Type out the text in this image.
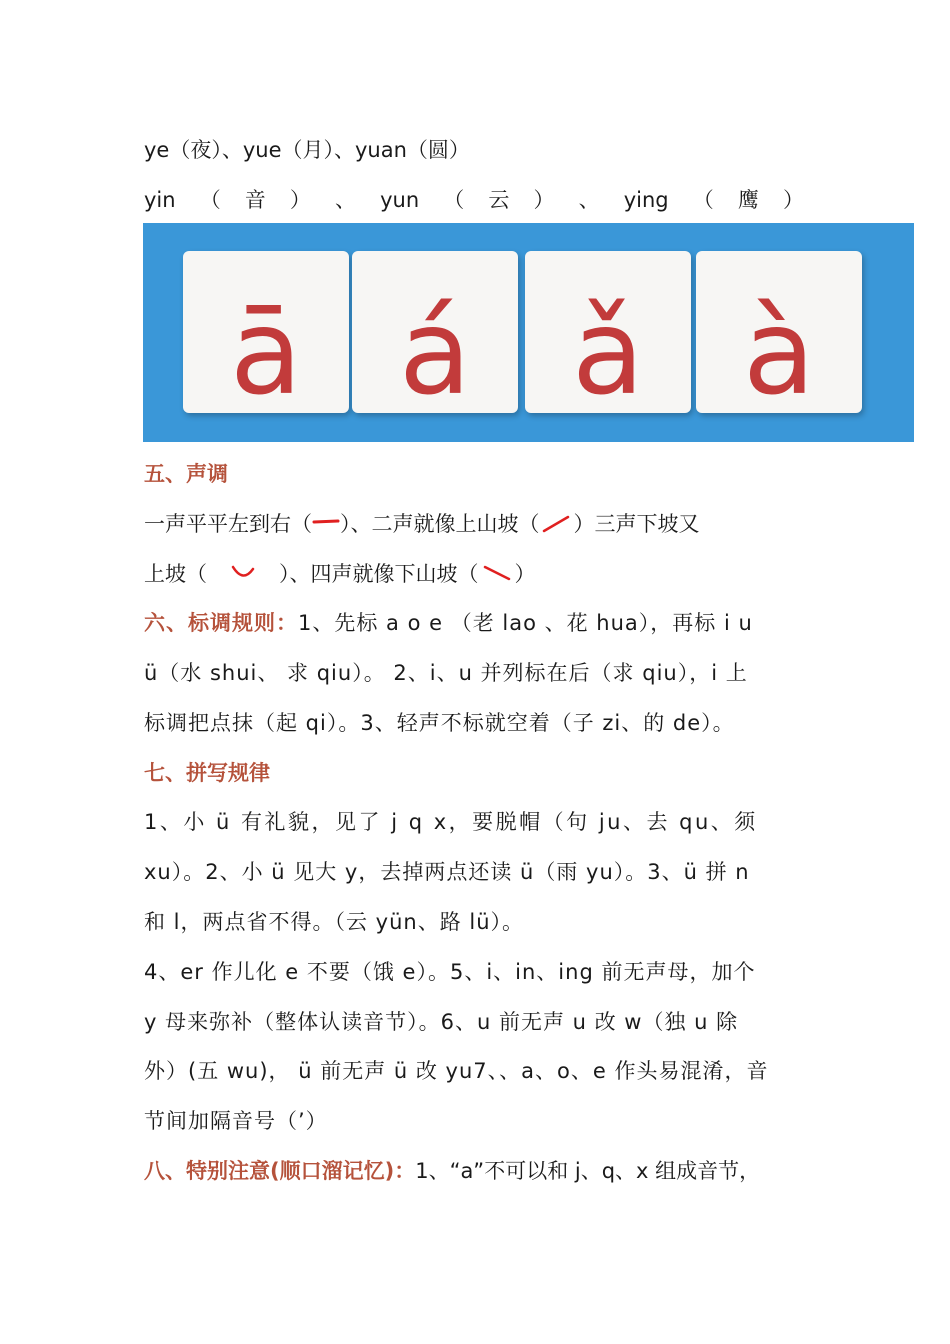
ye（夜）、yue（月）、yuan（圆）
yin （ 音 ） 、 yun （ 云 ） 、 ying （ 鹰 ）
ā á ǎ à
五、声调
一声平平左到右（ ）、二声就像上山坡（ ）三声下坡又
上坡（	）、四声就像下山坡（ ）
六、标调规则：1、先标 a o e （老 lao 、花 hua），再标 i u
ü（水 shui、 求 qiu）。 2、i、u 并列标在后（求 qiu），i 上
标调把点抹（起 qi）。3、轻声不标就空着（子 zi、的 de）。
七、拼写规律
1、小 ü 有礼貌，见了 j q x，要脱帽（句 ju、去 qu、须
xu）。2、小 ü 见大 y，去掉两点还读 ü（雨 yu）。3、ü 拼 n
和 l，两点省不得。（云 yün、路 lü）。
4、er 作儿化 e 不要（饿 e）。5、i、in、ing 前无声母，加个
y 母来弥补（整体认读音节）。6、u 前无声 u 改 w（独 u 除
外）(五 wu)， ü 前无声 ü 改 yu7、、a、o、e 作头易混淆，音
节间加隔音号（’）
八、特别注意(顺口溜记忆)：1、“a”不可以和 j、q、x 组成音节，
